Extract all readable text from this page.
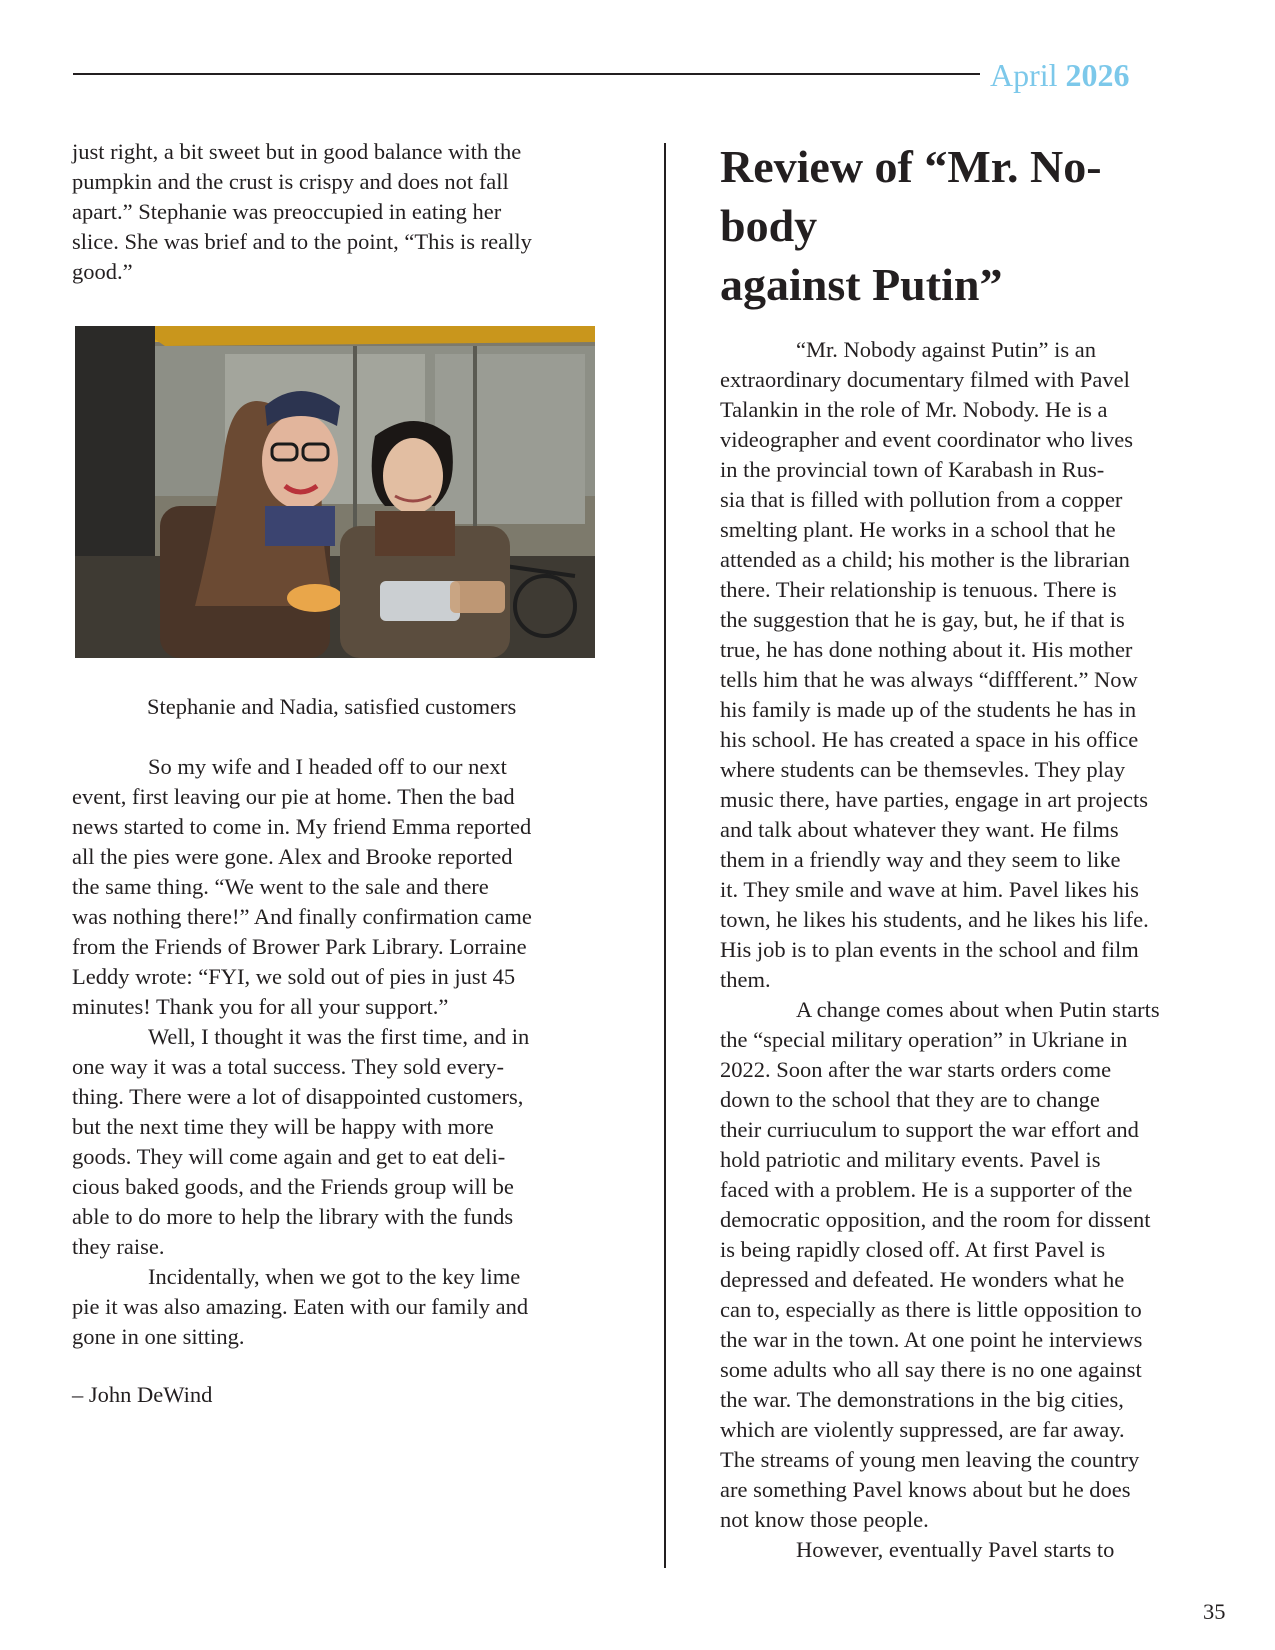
April 2026

just right, a bit sweet but in good balance with the
pumpkin and the crust is crispy and does not fall
apart.” Stephanie was preoccupied in eating her
slice. She was brief and to the point, “This is really
good.”

Stephanie and Nadia, satisfied customers

So my wife and I headed off to our next
event, first leaving our pie at home. Then the bad
news started to come in. My friend Emma reported
all the pies were gone. Alex and Brooke reported
the same thing. “We went to the sale and there
was nothing there!” And finally confirmation came
from the Friends of Brower Park Library. Lorraine
Leddy wrote: “FYI, we sold out of pies in just 45
minutes! Thank you for all your support.”

Well, I thought it was the first time, and in
one way it was a total success. They sold every-
thing. There were a lot of disappointed customers,
but the next time they will be happy with more
goods. They will come again and get to eat deli-
cious baked goods, and the Friends group will be
able to do more to help the library with the funds
they raise.

Incidentally, when we got to the key lime
pie it was also amazing. Eaten with our family and
gone in one sitting.

– John DeWind
Review of “Mr. No-
body
against Putin”

“Mr. Nobody against Putin” is an
extraordinary documentary filmed with Pavel
Talankin in the role of Mr. Nobody. He is a
videographer and event coordinator who lives
in the provincial town of Karabash in Rus-
sia that is filled with pollution from a copper
smelting plant. He works in a school that he
attended as a child; his mother is the librarian
there. Their relationship is tenuous. There is
the suggestion that he is gay, but, he if that is
true, he has done nothing about it. His mother
tells him that he was always “diffferent.” Now
his family is made up of the students he has in
his school. He has created a space in his office
where students can be themsevles. They play
music there, have parties, engage in art projects
and talk about whatever they want. He films
them in a friendly way and they seem to like
it. They smile and wave at him. Pavel likes his
town, he likes his students, and he likes his life.
His job is to plan events in the school and film
them.

A change comes about when Putin starts
the “special military operation” in Ukriane in
2022. Soon after the war starts orders come
down to the school that they are to change
their curriuculum to support the war effort and
hold patriotic and military events. Pavel is
faced with a problem. He is a supporter of the
democratic opposition, and the room for dissent
is being rapidly closed off. At first Pavel is
depressed and defeated. He wonders what he
can to, especially as there is little opposition to
the war in the town. At one point he interviews
some adults who all say there is no one against
the war. The demonstrations in the big cities,
which are violently suppressed, are far away.
The streams of young men leaving the country
are something Pavel knows about but he does
not know those people.

However, eventually Pavel starts to

35
